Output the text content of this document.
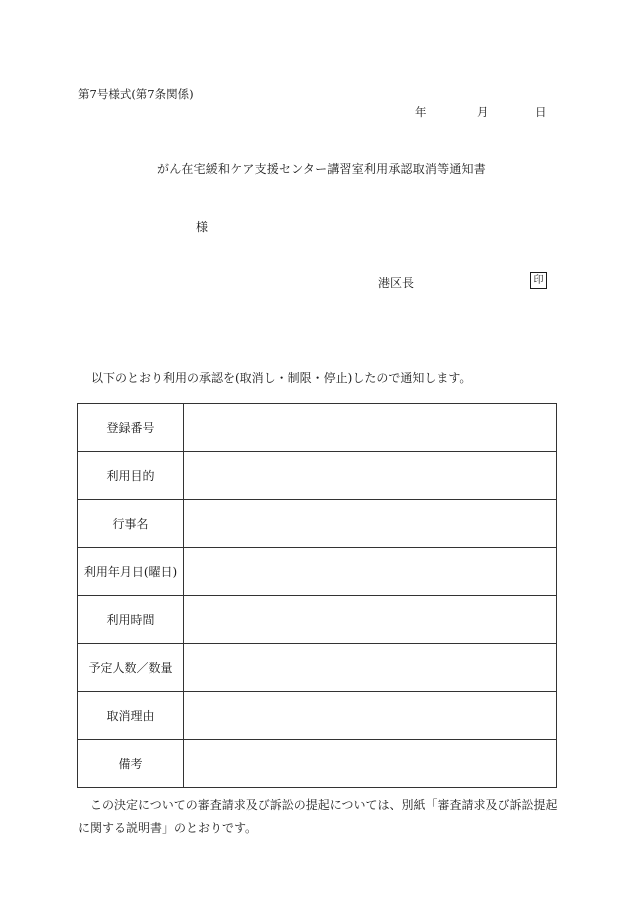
第7号様式(第7条関係)
年	月	日
がん在宅緩和ケア支援センター講習室利用承認取消等通知書
様
港区長	印
以下のとおり利用の承認を(取消し・制限・停止)したので通知します。
登録番号	
利用目的	
行事名	
利用年月日(曜日)	
利用時間	
予定人数／数量	
取消理由	
備考	

この決定についての審査請求及び訴訟の提起については、別紙「審査請求及び訴訟提起に関する説明書」のとおりです。
